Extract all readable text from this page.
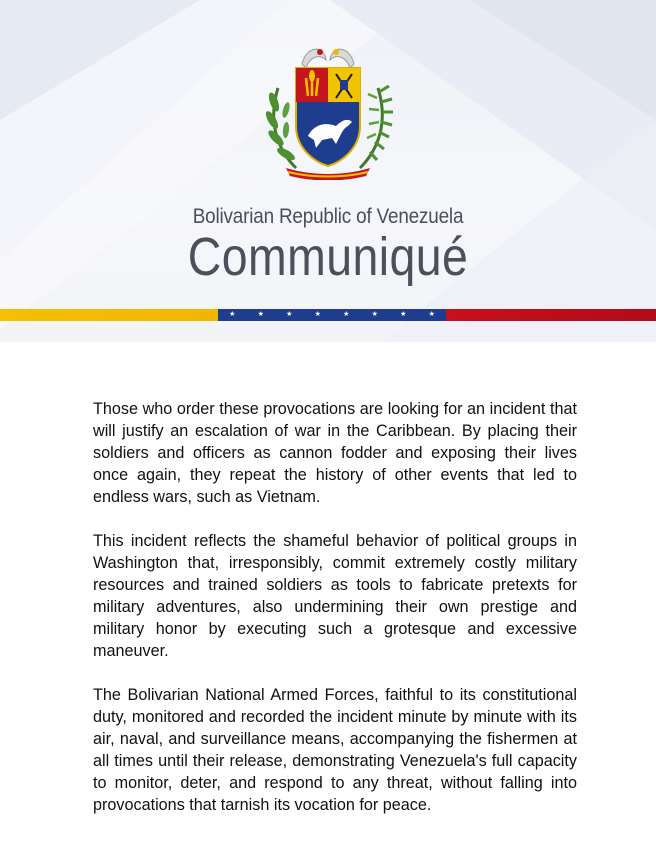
Bolivarian Republic of Venezuela
Communiqué
★	★	★	★	★	★	★	★

Those who order these provocations are looking for an incident that will justify an escalation of war in the Caribbean. By placing their soldiers and officers as cannon fodder and exposing their lives once again, they repeat the history of other events that led to endless wars, such as Vietnam.

This incident reflects the shameful behavior of political groups in Washington that, irresponsibly, commit extremely costly military resources and trained soldiers as tools to fabricate pretexts for military adventures, also undermining their own prestige and military honor by executing such a grotesque and excessive maneuver.

The Bolivarian National Armed Forces, faithful to its constitutional duty, monitored and recorded the incident minute by minute with its air, naval, and surveillance means, accompanying the fishermen at all times until their release, demonstrating Venezuela's full capacity to monitor, deter, and respond to any threat, without falling into provocations that tarnish its vocation for peace.
